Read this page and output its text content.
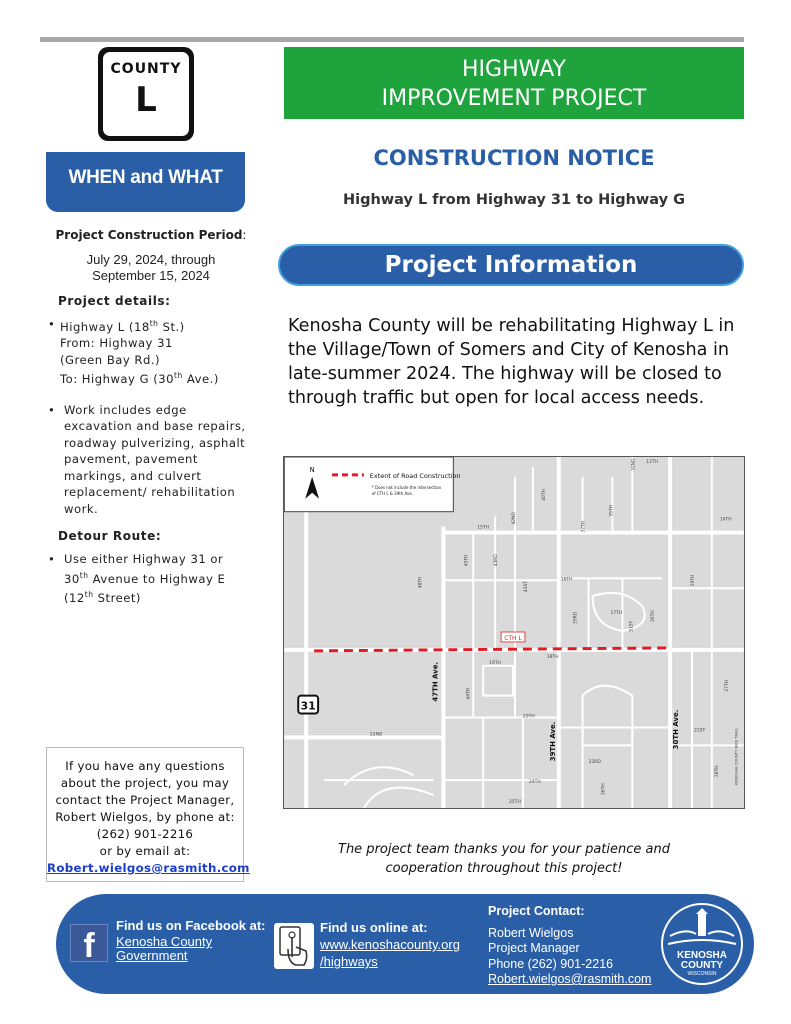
COUNTY
L
HIGHWAY
IMPROVEMENT PROJECT
WHEN and WHAT
CONSTRUCTION NOTICE
Highway L from Highway 31 to Highway G
Project Information
Kenosha County will be rehabilitating Highway L in the Village/Town of Somers and City of Kenosha in late-summer 2024. The highway will be closed to through traffic but open for local access needs.
Project Construction Period:
July 29, 2024, through
September 15, 2024
Project details:
• Highway L (18th St.)
From: Highway 31
(Green Bay Rd.)
To: Highway G (30th Ave.)
• Work includes edge excavation and base repairs, roadway pulverizing, asphalt pavement, pavement markings, and culvert replacement/ rehabilitation work.
Detour Route:
• Use either Highway 31 or
30th Avenue to Highway E
(12th Street)
If you have any questions
about the project, you may
contact the Project Manager,
Robert Wielgos, by phone at:
(262) 901-2216
or by email at:
Robert.wielgos@rasmith.com
N
Extent of Road Construction
* Does not include the intersection
of CTH L & 39th Ave.
CTH L
31
47TH Ave.
39TH Ave.	30TH Ave.
15TH
16TH
17TH
18TH
19TH
20TH
21ST
22ND
23RD
24TH
25TH
14TH
12TH
40TH
42ND
43RD
45TH
41ST
37TH
35TH
32ND
31ST
29TH
27TH
28TH
33RD
36TH
48TH
44TH
26TH
KENOSHA COUNTY BIKE TRAIL
The project team thanks you for your patience and
cooperation throughout this project!
f
Find us on Facebook at:
Kenosha County
Government
Find us online at:
www.kenoshacounty.org
/highways
Project Contact:
Robert Wielgos
Project Manager
Phone (262) 901-2216
Robert.wielgos@rasmith.com
KENOSHA
COUNTY
WISCONSIN
